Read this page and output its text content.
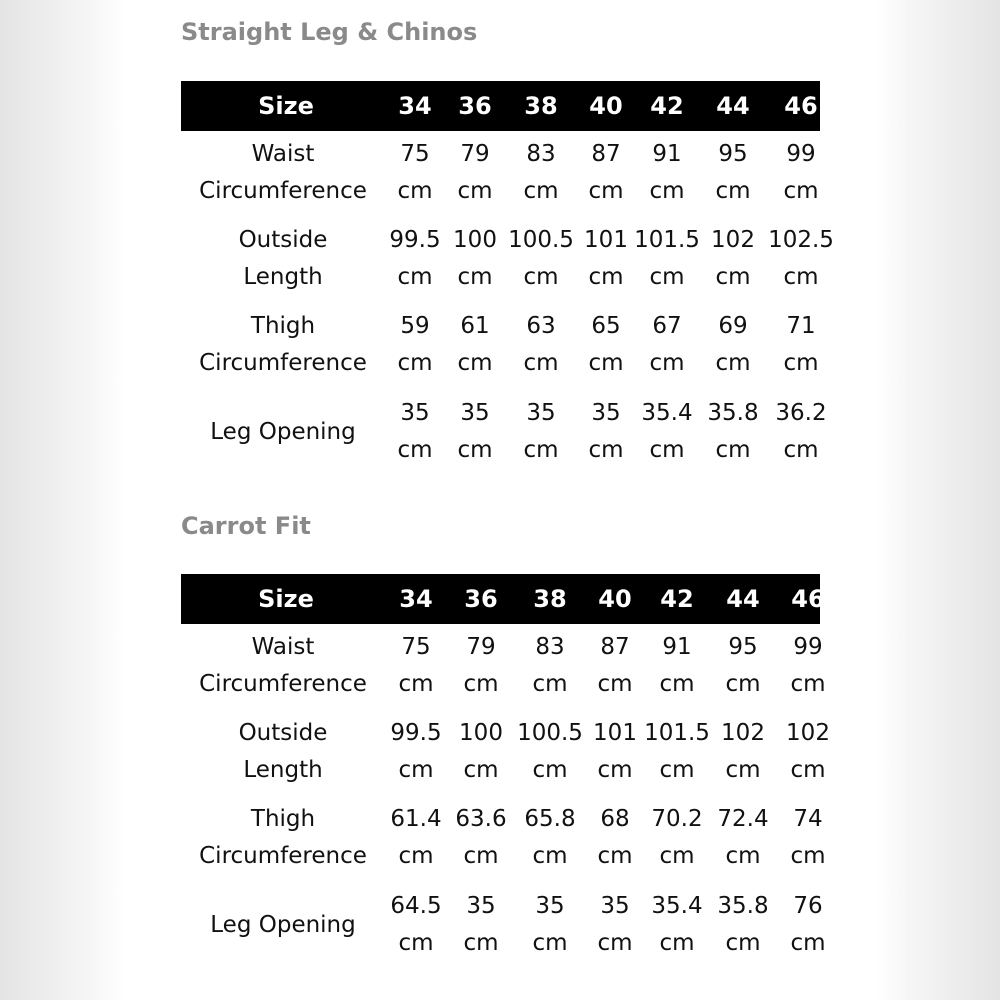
Straight Leg & Chinos
Size	34 36 38 40 42 44 46
Waist
Circumference
75
cm
79
cm
83
cm
87
cm
91
cm
95
cm
99
cm
Outside
Length
99.5
cm
100
cm
100.5
cm
101
cm
101.5
cm
102
cm
102.5
cm
Thigh
Circumference
59
cm
61
cm
63
cm
65
cm
67
cm
69
cm
71
cm
Leg Opening
35
cm
35
cm
35
cm
35
cm
35.4
cm
35.8
cm
36.2
cm
Carrot Fit
Size	34 36 38 40 42 44 46
Waist
Circumference
75
cm
79
cm
83
cm
87
cm
91
cm
95
cm
99
cm
Outside
Length
99.5
cm
100
cm
100.5
cm
101
cm
101.5
cm
102
cm
102
cm
Thigh
Circumference
61.4
cm
63.6
cm
65.8
cm
68
cm
70.2
cm
72.4
cm
74
cm
Leg Opening
64.5
cm
35
cm
35
cm
35
cm
35.4
cm
35.8
cm
76
cm
